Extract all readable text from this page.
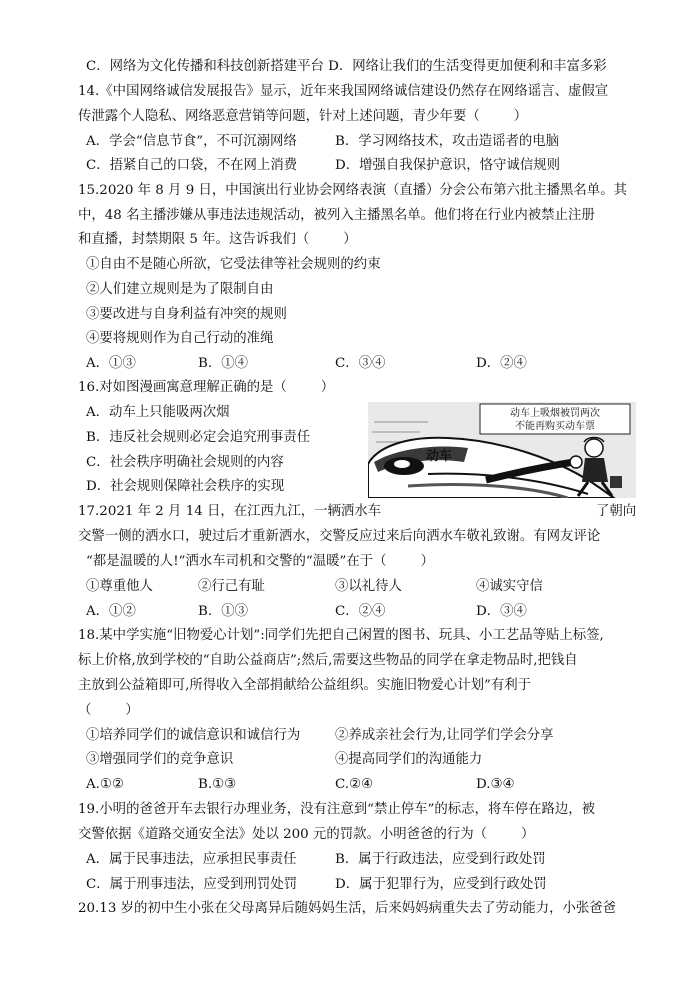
C．网络为文化传播和科技创新搭建平台 D．网络让我们的生活变得更加便利和丰富多彩
14.《中国网络诚信发展报告》显示，近年来我国网络诚信建设仍然存在网络谣言、虚假宣
传泄露个人隐私、网络恶意营销等问题，针对上述问题，青少年要（	）
A．学会“信息节食”，不可沉溺网络	B．学习网络技术，攻击造谣者的电脑
C．捂紧自己的口袋，不在网上消费	D．增强自我保护意识，恪守诚信规则
15.2020 年 8 月 9 日，中国演出行业协会网络表演（直播）分会公布第六批主播黑名单。其
中，48 名主播涉嫌从事违法违规活动，被列入主播黑名单。他们将在行业内被禁止注册
和直播，封禁期限 5 年。这告诉我们（	）
①自由不是随心所欲，它受法律等社会规则的约束
②人们建立规则是为了限制自由
③要改进与自身利益有冲突的规则
④要将规则作为自己行动的准绳
A．①③	B．①④	C．③④	D．②④
16.对如图漫画寓意理解正确的是（	）
A．动车上只能吸两次烟
B．违反社会规则必定会追究刑事责任
C．社会秩序明确社会规则的内容
D．社会规则保障社会秩序的实现
动车上吸烟被罚两次
不能再购买动车票
动车
17.2021 年 2 月 14 日，在江西九江，一辆洒水车	了朝向
交警一侧的洒水口，驶过后才重新洒水，交警反应过来后向洒水车敬礼致谢。有网友评论
“都是温暖的人!”洒水车司机和交警的“温暖”在于（	）
①尊重他人	②行己有耻	③以礼待人	④诚实守信
A．①②	B．①③	C．②④	D．③④
18.某中学实施“旧物爱心计划”:同学们先把自己闲置的图书、玩具、小工艺品等贴上标签,
标上价格,放到学校的“自助公益商店”;然后,需要这些物品的同学在拿走物品时,把钱自
主放到公益箱即可,所得收入全部捐献给公益组织。实施旧物爱心计划”有利于
（	）
①培养同学们的诚信意识和诚信行为	②养成亲社会行为,让同学们学会分享
③增强同学们的竞争意识	④提高同学们的沟通能力
A.①②	B.①③	C.②④	D.③④
19.小明的爸爸开车去银行办理业务，没有注意到“禁止停车”的标志，将车停在路边，被
交警依据《道路交通安全法》处以 200 元的罚款。小明爸爸的行为（	）
A．属于民事违法，应承担民事责任	B．属于行政违法，应受到行政处罚
C．属于刑事违法，应受到刑罚处罚	D．属于犯罪行为，应受到行政处罚
20.13 岁的初中生小张在父母离异后随妈妈生活，后来妈妈病重失去了劳动能力，小张爸爸
